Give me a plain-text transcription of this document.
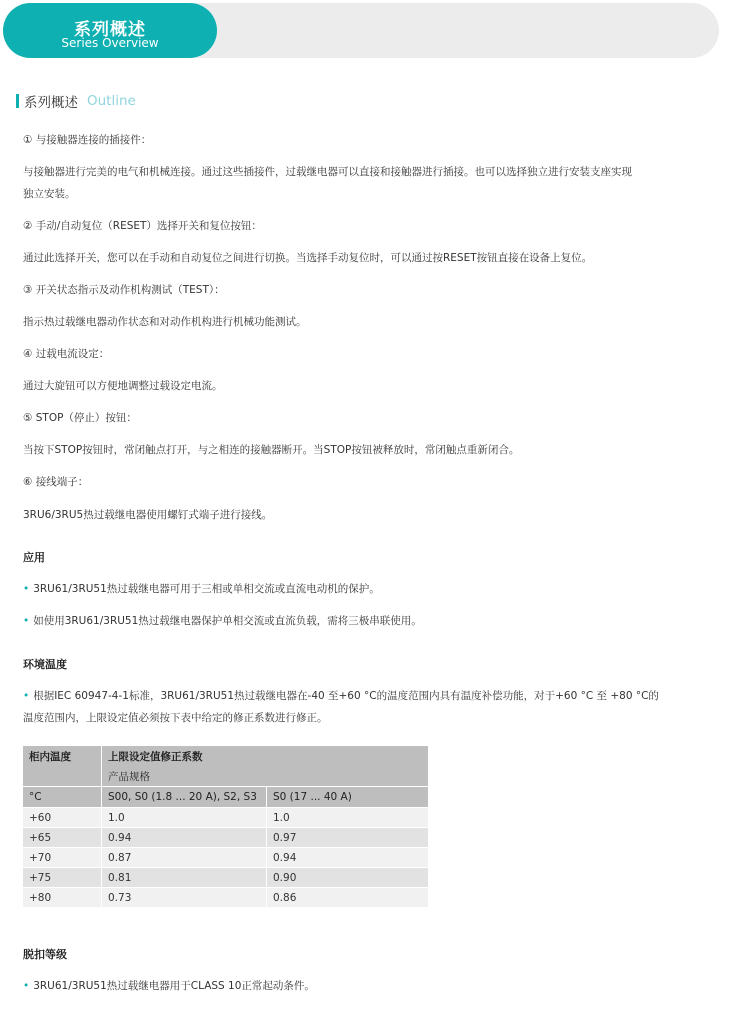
系列概述
Series Overview
系列概述 Outline
① 与接触器连接的插接件：
与接触器进行完美的电气和机械连接。通过这些插接件，过载继电器可以直接和接触器进行插接。也可以选择独立进行安装支座实现
独立安装。
② 手动/自动复位（RESET）选择开关和复位按钮：
通过此选择开关，您可以在手动和自动复位之间进行切换。当选择手动复位时，可以通过按RESET按钮直接在设备上复位。
③ 开关状态指示及动作机构测试（TEST）：
指示热过载继电器动作状态和对动作机构进行机械功能测试。
④ 过载电流设定：
通过大旋钮可以方便地调整过载设定电流。
⑤ STOP（停止）按钮：
当按下STOP按钮时，常闭触点打开，与之相连的接触器断开。当STOP按钮被释放时，常闭触点重新闭合。
⑥ 接线端子：
3RU6/3RU5热过载继电器使用螺钉式端子进行接线。
应用
• 3RU61/3RU51热过载继电器可用于三相或单相交流或直流电动机的保护。
• 如使用3RU61/3RU51热过载继电器保护单相交流或直流负载，需将三极串联使用。
环境温度
• 根据IEC 60947-4-1标准，3RU61/3RU51热过载继电器在-40 至+60 °C的温度范围内具有温度补偿功能，对于+60 °C 至 +80 °C的
温度范围内，上限设定值必须按下表中给定的修正系数进行修正。
柜内温度	上限设定值修正系数	
	产品规格	
°C	S00, S0 (1.8 ... 20 A), S2, S3	S0 (17 ... 40 A)
+60	1.0	1.0
+65	0.94	0.97
+70	0.87	0.94
+75	0.81	0.90
+80	0.73	0.86
脱扣等级
• 3RU61/3RU51热过载继电器用于CLASS 10正常起动条件。
